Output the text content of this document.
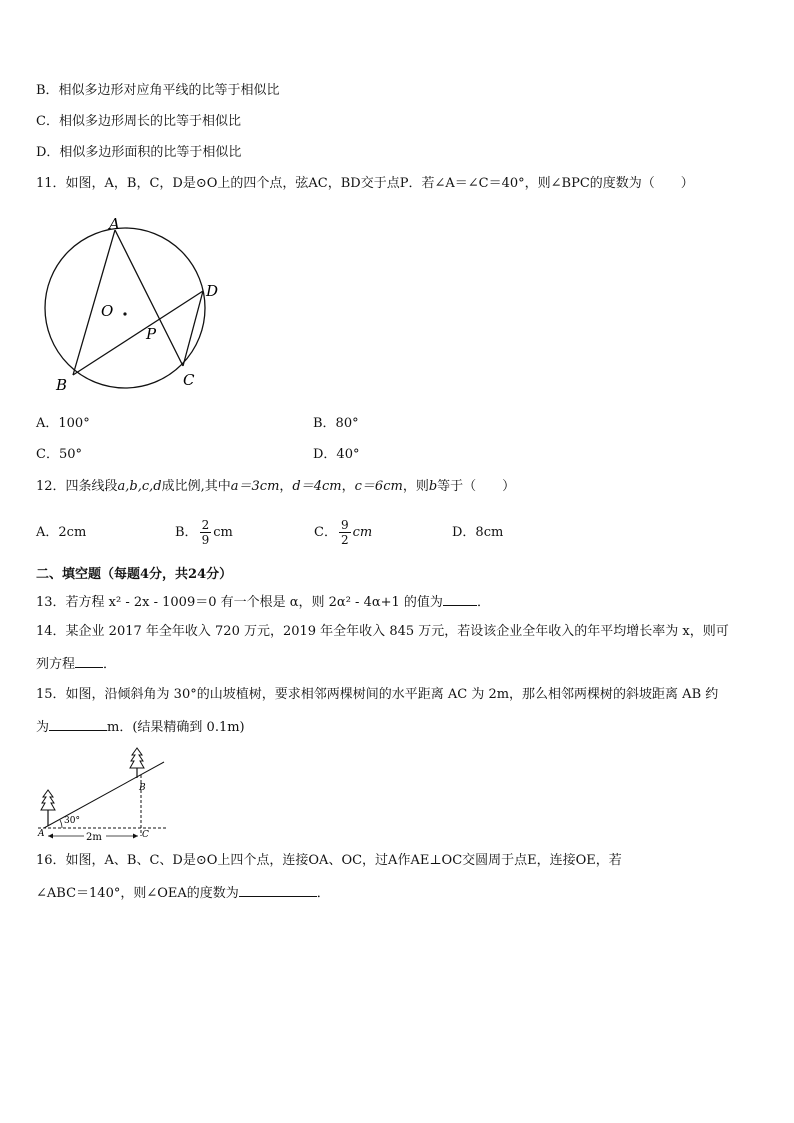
B．相似多边形对应角平线的比等于相似比
C．相似多边形周长的比等于相似比
D．相似多边形面积的比等于相似比
11．如图，A，B，C，D是⊙O上的四个点，弦AC，BD交于点P．若∠A＝∠C＝40°，则∠BPC的度数为（　　）
A
O
P
D
C
B
A．100°	B．80°
C．50°	D．40°
12．四条线段a,b,c,d成比例,其中a＝3cm，d＝4cm，c＝6cm，则b等于（　　）
A．2cm	B． $\frac{2}{9}$ cm	C． $\frac{9}{2}$ cm	D．8cm
二、填空题（每题4分，共24分）
13．若方程 x² - 2x - 1009＝0 有一个根是 α，则 2α² - 4α+1 的值为	．
14．某企业 2017 年全年收入 720 万元，2019 年全年收入 845 万元，若设该企业全年收入的年平均增长率为 x，则可
列方程 ．
15．如图，沿倾斜角为 30°的山坡植树，要求相邻两棵树间的水平距离 AC 为 2m，那么相邻两棵树的斜坡距离 AB 约
为	m．(结果精确到 0.1m)
30°
2m
A
B
C
16．如图，A、B、C、D是⊙O上四个点，连接OA、OC，过A作AE⊥OC交圆周于点E，连接OE，若
∠ABC＝140°，则∠OEA的度数为	．
